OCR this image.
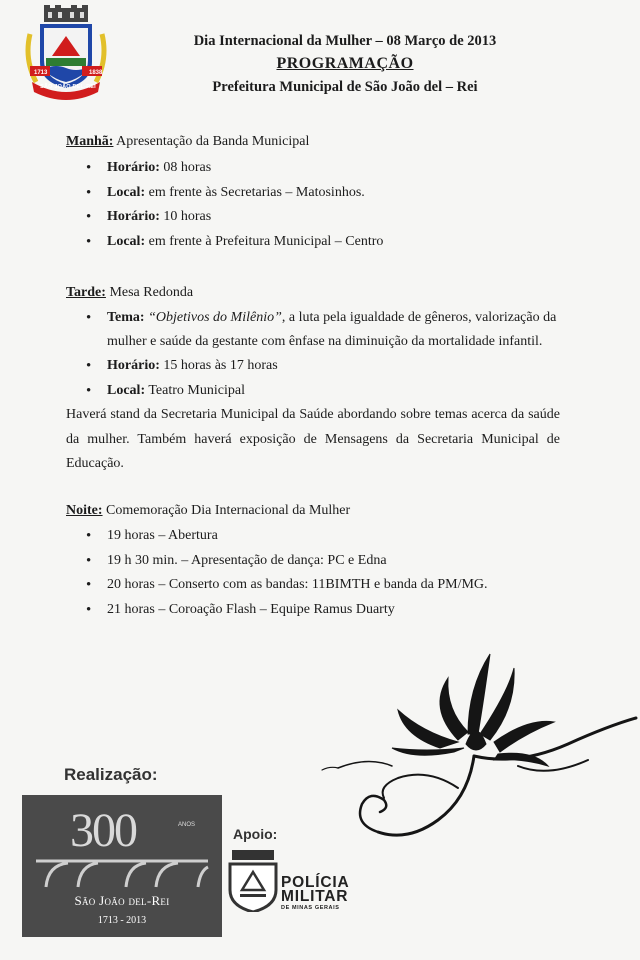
1713	1838
SÃO JOÃO DEL-REI

Dia Internacional da Mulher – 08 Março de 2013

PROGRAMAÇÃO

Prefeitura Municipal de São João del – Rei

Manhã: Apresentação da Banda Municipal

• Horário: 08 horas
• Local: em frente às Secretarias – Matosinhos.
• Horário: 10 horas
• Local: em frente à Prefeitura Municipal – Centro

Tarde: Mesa Redonda

• Tema: “Objetivos do Milênio”, a luta pela igualdade de gêneros, valorização da mulher e saúde da gestante com ênfase na diminuição da mortalidade infantil.
• Horário: 15 horas às 17 horas
• Local: Teatro Municipal

Haverá stand da Secretaria Municipal da Saúde abordando sobre temas acerca da saúde da mulher. Também haverá exposição de Mensagens da Secretaria Municipal de Educação.

Noite: Comemoração Dia Internacional da Mulher

• 19 horas – Abertura
• 19 h 30 min. – Apresentação de dança: PC e Edna
• 20 horas – Conserto com as bandas: 11BIMTH e banda da PM/MG.
• 21 horas – Coroação Flash – Equipe Ramus Duarty
Realização:
300	ANOS
São João del-Rei
1713 - 2013
Apoio:
POLÍCIA
MILITAR
DE MINAS GERAIS
